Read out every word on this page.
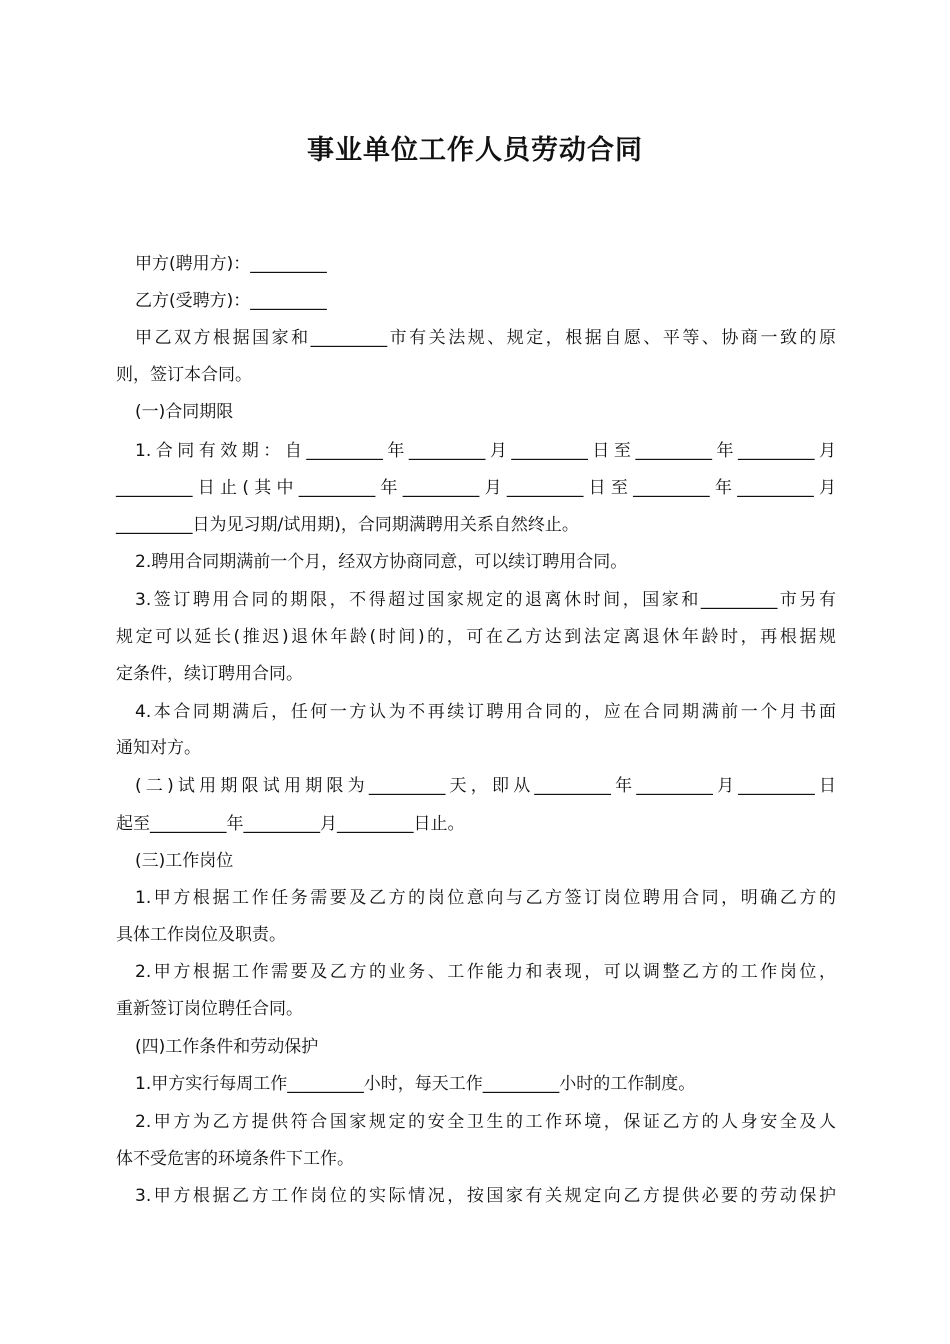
事业单位工作人员劳动合同
甲方(聘用方)：_________
乙方(受聘方)：_________
甲乙双方根据国家和_________市有关法规、规定，根据自愿、平等、协商一致的原
则，签订本合同。
(一)合同期限
1.合同有效期：自_________年_________月_________日至_________年_________月
_________日止(其中_________年_________月_________日至_________年_________月
_________日为见习期/试用期)，合同期满聘用关系自然终止。
2.聘用合同期满前一个月，经双方协商同意，可以续订聘用合同。
3.签订聘用合同的期限，不得超过国家规定的退离休时间，国家和_________市另有
规定可以延长(推迟)退休年龄(时间)的，可在乙方达到法定离退休年龄时，再根据规
定条件，续订聘用合同。
4.本合同期满后，任何一方认为不再续订聘用合同的，应在合同期满前一个月书面
通知对方。
(二)试用期限试用期限为_________天，即从_________年_________月_________日
起至_________年_________月_________日止。
(三)工作岗位
1.甲方根据工作任务需要及乙方的岗位意向与乙方签订岗位聘用合同，明确乙方的
具体工作岗位及职责。
2.甲方根据工作需要及乙方的业务、工作能力和表现，可以调整乙方的工作岗位，
重新签订岗位聘任合同。
(四)工作条件和劳动保护
1.甲方实行每周工作_________小时，每天工作_________小时的工作制度。
2.甲方为乙方提供符合国家规定的安全卫生的工作环境，保证乙方的人身安全及人
体不受危害的环境条件下工作。
3.甲方根据乙方工作岗位的实际情况，按国家有关规定向乙方提供必要的劳动保护
